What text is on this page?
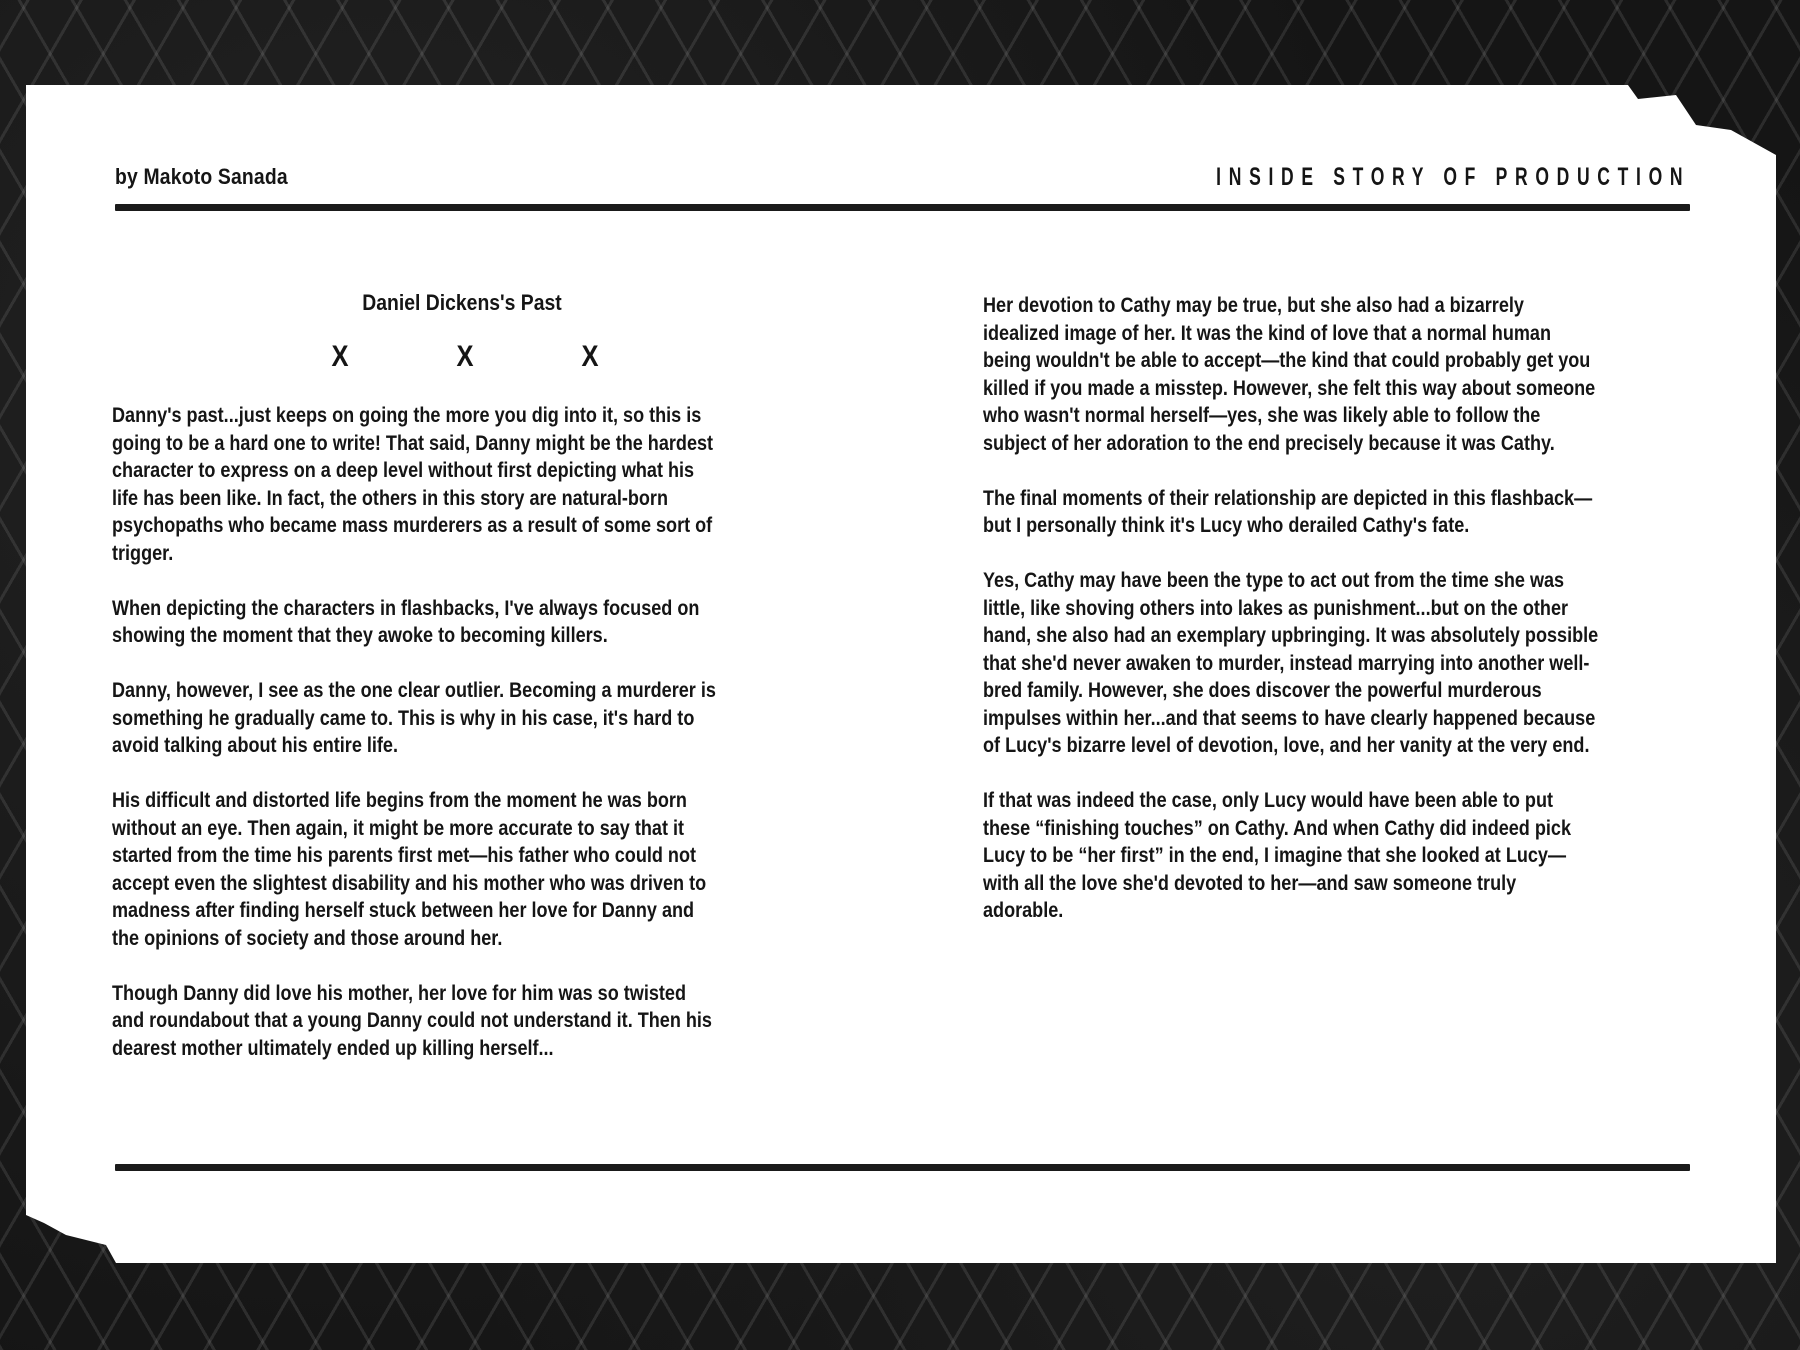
by Makoto Sanada	INSIDE STORY OF PRODUCTION
Daniel Dickens's Past
X	X	X

Danny's past...just keeps on going the more you dig into it, so this is going to be a hard one to write! That said, Danny might be the hardest character to express on a deep level without first depicting what his life has been like. In fact, the others in this story are natural-born psychopaths who became mass murderers as a result of some sort of trigger.

When depicting the characters in flashbacks, I've always focused on showing the moment that they awoke to becoming killers.

Danny, however, I see as the one clear outlier. Becoming a murderer is something he gradually came to. This is why in his case, it's hard to avoid talking about his entire life.

His difficult and distorted life begins from the moment he was born without an eye. Then again, it might be more accurate to say that it started from the time his parents first met—his father who could not accept even the slightest disability and his mother who was driven to madness after finding herself stuck between her love for Danny and the opinions of society and those around her.

Though Danny did love his mother, her love for him was so twisted and roundabout that a young Danny could not understand it. Then his dearest mother ultimately ended up killing herself...

Her devotion to Cathy may be true, but she also had a bizarrely idealized image of her. It was the kind of love that a normal human being wouldn't be able to accept—the kind that could probably get you killed if you made a misstep. However, she felt this way about someone who wasn't normal herself—yes, she was likely able to follow the subject of her adoration to the end precisely because it was Cathy.

The final moments of their relationship are depicted in this flashback—but I personally think it's Lucy who derailed Cathy's fate.

Yes, Cathy may have been the type to act out from the time she was little, like shoving others into lakes as punishment...but on the other hand, she also had an exemplary upbringing. It was absolutely possible that she'd never awaken to murder, instead marrying into another well-bred family. However, she does discover the powerful murderous impulses within her...and that seems to have clearly happened because of Lucy's bizarre level of devotion, love, and her vanity at the very end.

If that was indeed the case, only Lucy would have been able to put these “finishing touches” on Cathy. And when Cathy did indeed pick Lucy to be “her first” in the end, I imagine that she looked at Lucy—with all the love she'd devoted to her—and saw someone truly adorable.
